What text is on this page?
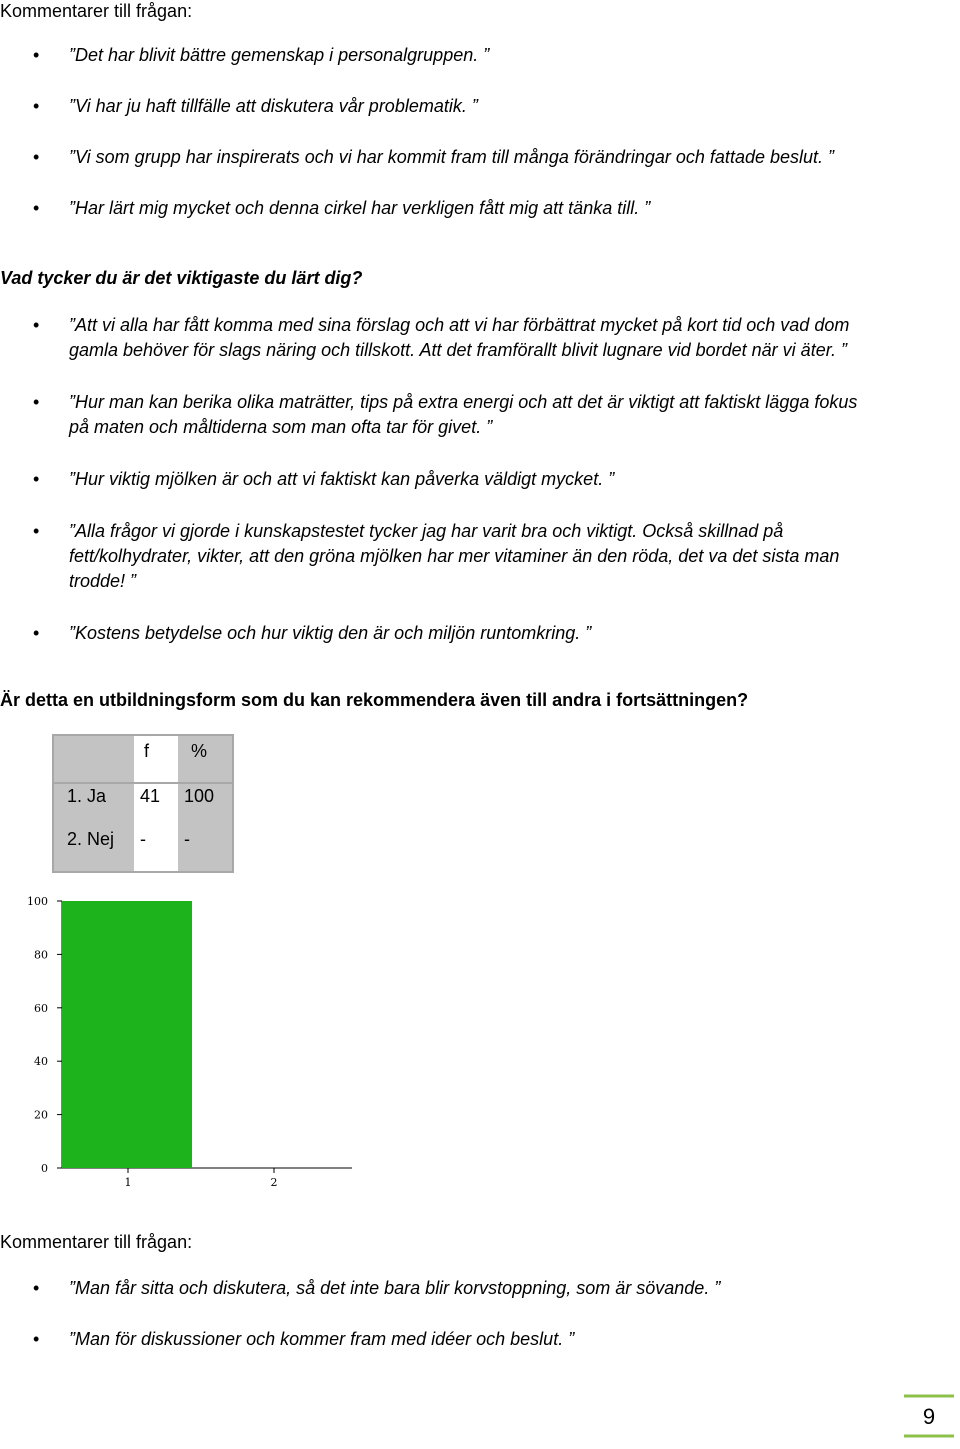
Kommentarer till frågan:
• ”Det har blivit bättre gemenskap i personalgruppen. ”
• ”Vi har ju haft tillfälle att diskutera vår problematik. ”
• ”Vi som grupp har inspirerats och vi har kommit fram till många förändringar och fattade beslut. ”
• ”Har lärt mig mycket och denna cirkel har verkligen fått mig att tänka till. ”
Vad tycker du är det viktigaste du lärt dig?
• ”Att vi alla har fått komma med sina förslag och att vi har förbättrat mycket på kort tid och vad dom gamla behöver för slags näring och tillskott. Att det framförallt blivit lugnare vid bordet när vi äter. ”
• ”Hur man kan berika olika maträtter, tips på extra energi och att det är viktigt att faktiskt lägga fokus på maten och måltiderna som man ofta tar för givet. ”
• ”Hur viktig mjölken är och att vi faktiskt kan påverka väldigt mycket. ”
• ”Alla frågor vi gjorde i kunskapstestet tycker jag har varit bra och viktigt. Också skillnad på fett/kolhydrater, vikter, att den gröna mjölken har mer vitaminer än den röda, det va det sista man trodde! ”
• ”Kostens betydelse och hur viktig den är och miljön runtomkring. ”
Är detta en utbildningsform som du kan rekommendera även till andra i fortsättningen?
f %
1. Ja 41 100
2. Nej - -
0
20
40
60
80
100
1	2
Kommentarer till frågan:
• ”Man får sitta och diskutera, så det inte bara blir korvstoppning, som är sövande. ”
• ”Man för diskussioner och kommer fram med idéer och beslut. ”
9
